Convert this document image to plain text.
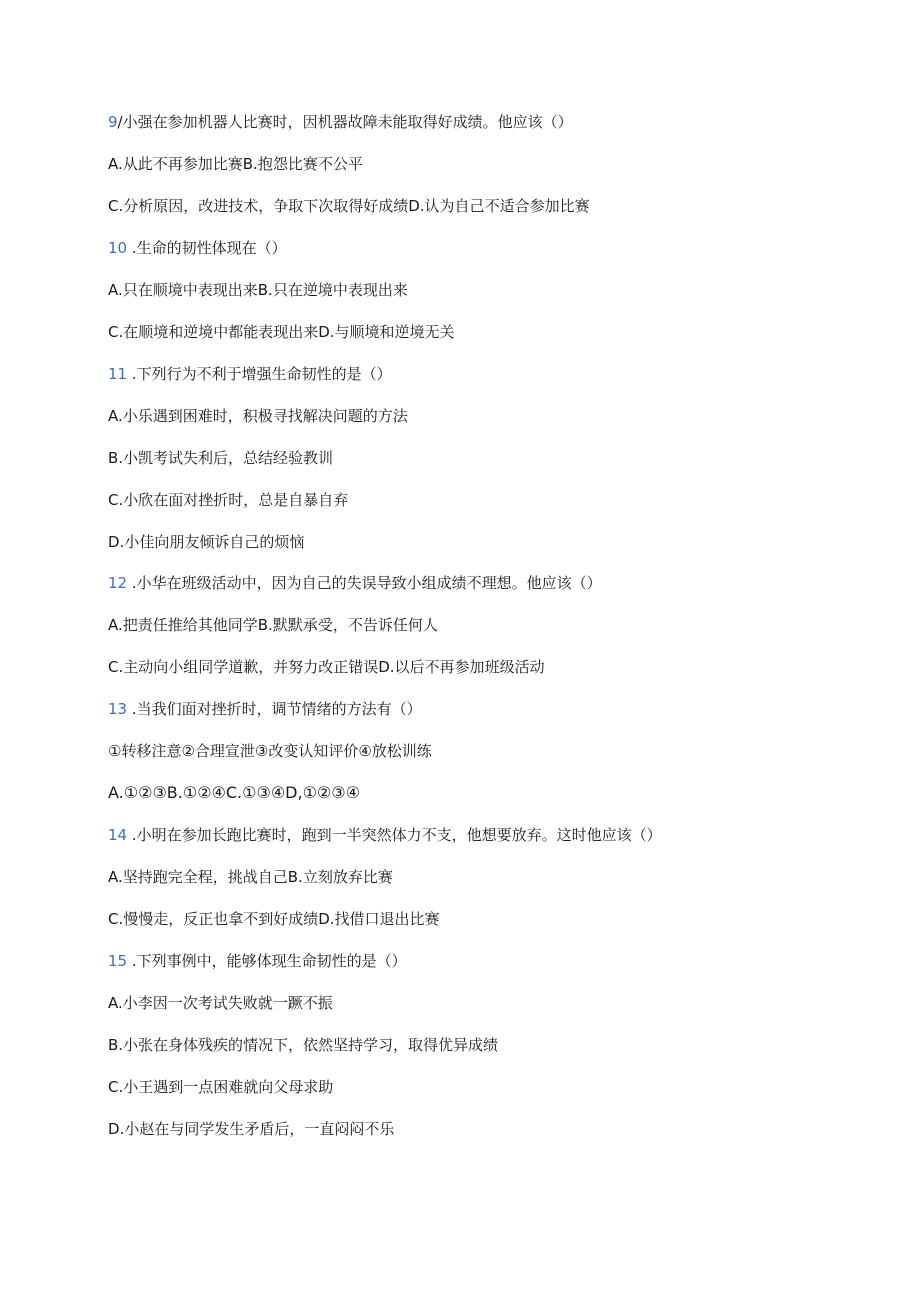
9/小强在参加机器人比赛时，因机器故障未能取得好成绩。他应该（）
A.从此不再参加比赛B.抱怨比赛不公平
C.分析原因，改进技术，争取下次取得好成绩D.认为自己不适合参加比赛
10 .生命的韧性体现在（）
A.只在顺境中表现出来B.只在逆境中表现出来
C.在顺境和逆境中都能表现出来D.与顺境和逆境无关
11 .下列行为不利于增强生命韧性的是（）
A.小乐遇到困难时，积极寻找解决问题的方法
B.小凯考试失利后，总结经验教训
C.小欣在面对挫折时，总是自暴自弃
D.小佳向朋友倾诉自己的烦恼
12 .小华在班级活动中，因为自己的失误导致小组成绩不理想。他应该（）
A.把责任推给其他同学B.默默承受，不告诉任何人
C.主动向小组同学道歉，并努力改正错误D.以后不再参加班级活动
13 .当我们面对挫折时，调节情绪的方法有（）
①转移注意②合理宣泄③改变认知评价④放松训练
A.①②③B.①②④C.①③④D,①②③④
14 .小明在参加长跑比赛时，跑到一半突然体力不支，他想要放弃。这时他应该（）
A.坚持跑完全程，挑战自己B.立刻放弃比赛
C.慢慢走，反正也拿不到好成绩D.找借口退出比赛
15 .下列事例中，能够体现生命韧性的是（）
A.小李因一次考试失败就一蹶不振
B.小张在身体残疾的情况下，依然坚持学习，取得优异成绩
C.小王遇到一点困难就向父母求助
D.小赵在与同学发生矛盾后，一直闷闷不乐
